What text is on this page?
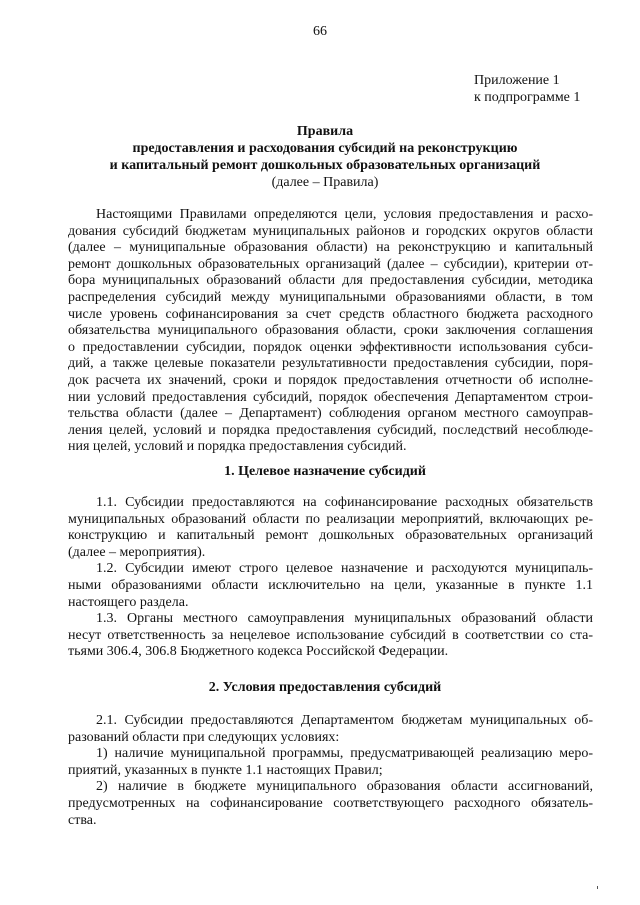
66
Приложение 1
к подпрограмме 1
Правила
предоставления и расходования субсидий на реконструкцию
и капитальный ремонт дошкольных образовательных организаций
(далее – Правила)
Настоящими Правилами определяются цели, условия предоставления и расхо-
дования субсидий бюджетам муниципальных районов и городских округов области
(далее – муниципальные образования области) на реконструкцию и капитальный
ремонт дошкольных образовательных организаций (далее – субсидии), критерии от-
бора муниципальных образований области для предоставления субсидии, методика
распределения субсидий между муниципальными образованиями области, в том
числе уровень софинансирования за счет средств областного бюджета расходного
обязательства муниципального образования области, сроки заключения соглашения
о предоставлении субсидии, порядок оценки эффективности использования субси-
дий, а также целевые показатели результативности предоставления субсидии, поря-
док расчета их значений, сроки и порядок предоставления отчетности об исполне-
нии условий предоставления субсидий, порядок обеспечения Департаментом строи-
тельства области (далее – Департамент) соблюдения органом местного самоуправ-
ления целей, условий и порядка предоставления субсидий, последствий несоблюде-
ния целей, условий и порядка предоставления субсидий.
1. Целевое назначение субсидий
1.1. Субсидии предоставляются на софинансирование расходных обязательств
муниципальных образований области по реализации мероприятий, включающих ре-
конструкцию и капитальный ремонт дошкольных образовательных организаций
(далее – мероприятия).
1.2. Субсидии имеют строго целевое назначение и расходуются муниципаль-
ными образованиями области исключительно на цели, указанные в пункте 1.1
настоящего раздела.
1.3. Органы местного самоуправления муниципальных образований области
несут ответственность за нецелевое использование субсидий в соответствии со ста-
тьями 306.4, 306.8 Бюджетного кодекса Российской Федерации.
2. Условия предоставления субсидий
2.1. Субсидии предоставляются Департаментом бюджетам муниципальных об-
разований области при следующих условиях:
1) наличие муниципальной программы, предусматривающей реализацию меро-
приятий, указанных в пункте 1.1 настоящих Правил;
2) наличие в бюджете муниципального образования области ассигнований,
предусмотренных на софинансирование соответствующего расходного обязатель-
ства.
